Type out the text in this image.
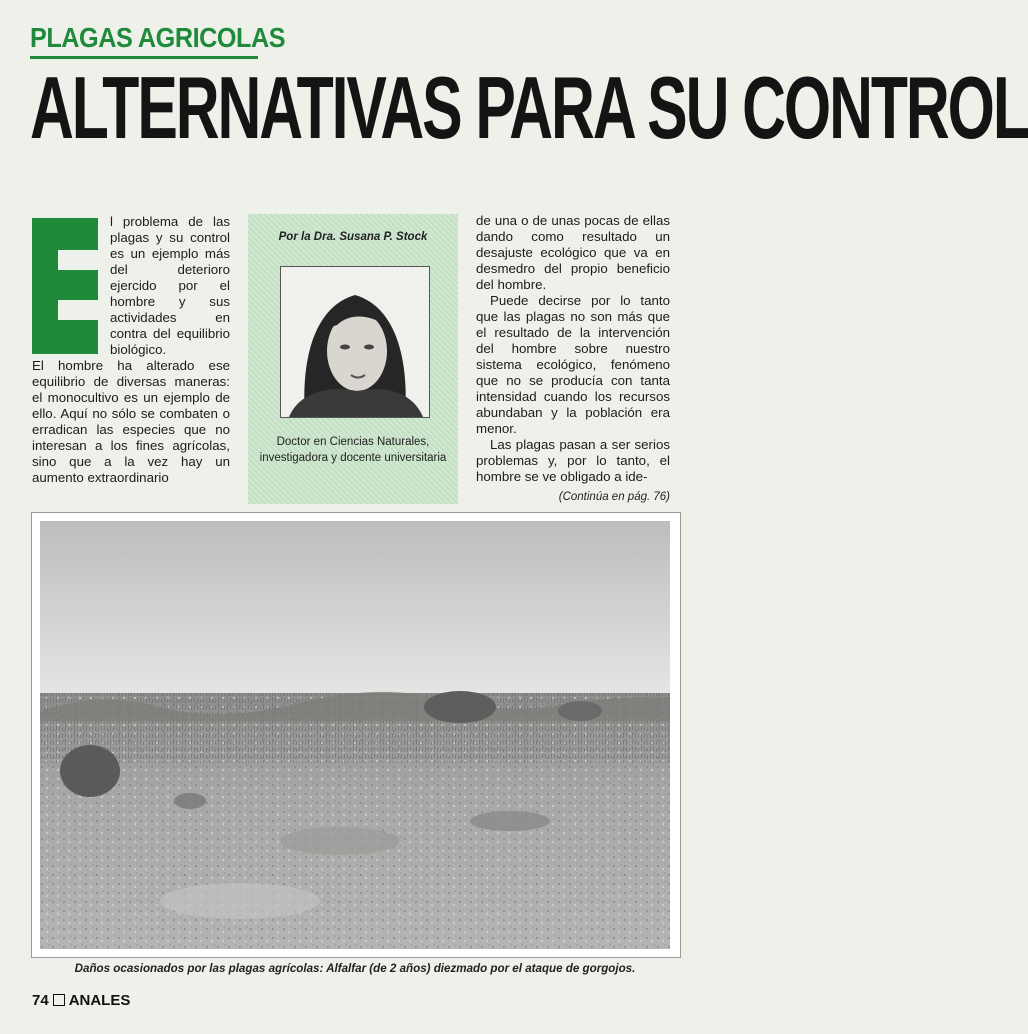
PLAGAS AGRICOLAS
ALTERNATIVAS PARA SU CONTROL

l problema de las plagas y su control es un ejemplo más del deterioro ejercido por el hombre y sus actividades en contra del equilibrio biológico.

El hombre ha alterado ese equilibrio de diversas maneras: el monocultivo es un ejemplo de ello. Aquí no sólo se combaten o erradican las especies que no interesan a los fines agrícolas, sino que a la vez hay un aumento extraordinario

Por la Dra. Susana P. Stock
Doctor en Ciencias Naturales,
investigadora y docente universitaria

de una o de unas pocas de ellas dando como resultado un desajuste ecológico que va en desmedro del propio beneficio del hombre.

Puede decirse por lo tanto que las plagas no son más que el resultado de la intervención del hombre sobre nuestro sistema ecológico, fenómeno que no se producía con tanta intensidad cuando los recursos abundaban y la población era menor.

Las plagas pasan a ser serios problemas y, por lo tanto, el hombre se ve obligado a ide-

(Continúa en pág. 76)
Daños ocasionados por las plagas agrícolas: Alfalfar (de 2 años) diezmado por el ataque de gorgojos.
74 ANALES
